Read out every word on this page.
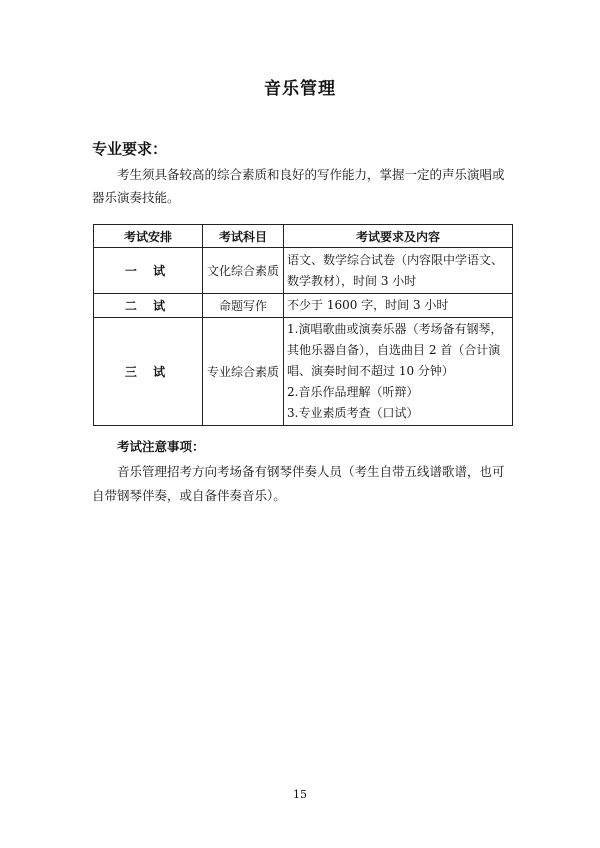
音乐管理
专业要求：
考生须具备较高的综合素质和良好的写作能力，掌握一定的声乐演唱或器乐演奏技能。
考试安排	考试科目	考试要求及内容
一 试	文化综合素质	语文、数学综合试卷（内容限中学语文、数学教材），时间 3 小时

二 试	命题写作	不少于 1600 字，时间 3 小时

三 试	专业综合素质	1.演唱歌曲或演奏乐器（考场备有钢琴，其他乐器自备），自选曲目 2 首（合计演唱、演奏时间不超过 10 分钟）
2.音乐作品理解（听辩）
3.专业素质考查（口试）
考试注意事项：
音乐管理招考方向考场备有钢琴伴奏人员（考生自带五线谱歌谱，也可自带钢琴伴奏，或自备伴奏音乐）。
15
